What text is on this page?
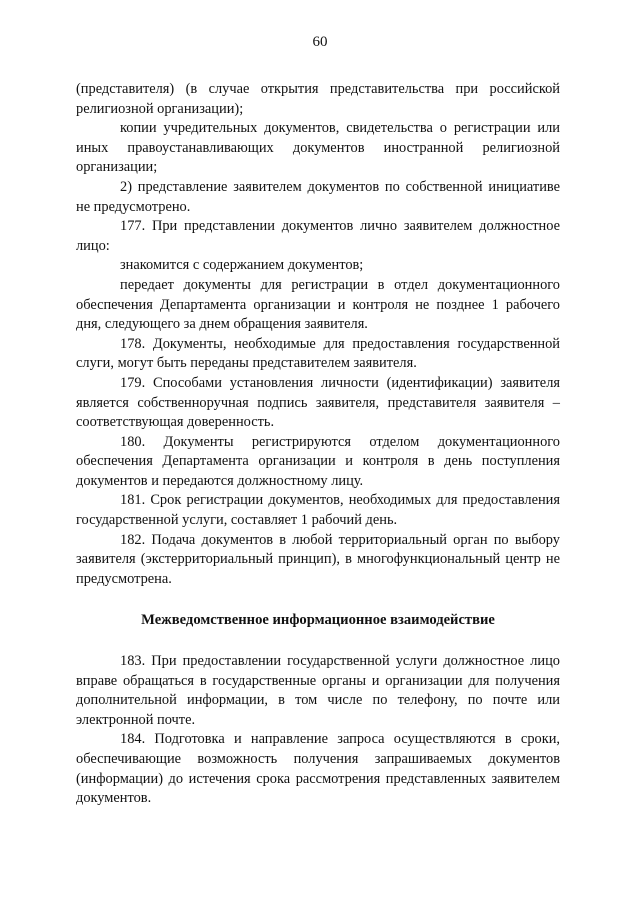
60

(представителя) (в случае открытия представительства при российской религиозной организации);

копии учредительных документов, свидетельства о регистрации или иных правоустанавливающих документов иностранной религиозной организации;

2) представление заявителем документов по собственной инициативе не предусмотрено.

177. При представлении документов лично заявителем должностное лицо:

знакомится с содержанием документов;

передает документы для регистрации в отдел документационного обеспечения Департамента организации и контроля не позднее 1 рабочего дня, следующего за днем обращения заявителя.

178. Документы, необходимые для предоставления государственной слуги, могут быть переданы представителем заявителя.

179. Способами установления личности (идентификации) заявителя является собственноручная подпись заявителя, представителя заявителя – соответствующая доверенность.

180. Документы регистрируются отделом документационного обеспечения Департамента организации и контроля в день поступления документов и передаются должностному лицу.

181. Срок регистрации документов, необходимых для предоставления государственной услуги, составляет 1 рабочий день.

182. Подача документов в любой территориальный орган по выбору заявителя (экстерриториальный принцип), в многофункциональный центр не предусмотрена.

Межведомственное информационное взаимодействие

183. При предоставлении государственной услуги должностное лицо вправе обращаться в государственные органы и организации для получения дополнительной информации, в том числе по телефону, по почте или электронной почте.

184. Подготовка и направление запроса осуществляются в сроки, обеспечивающие возможность получения запрашиваемых документов (информации) до истечения срока рассмотрения представленных заявителем документов.
